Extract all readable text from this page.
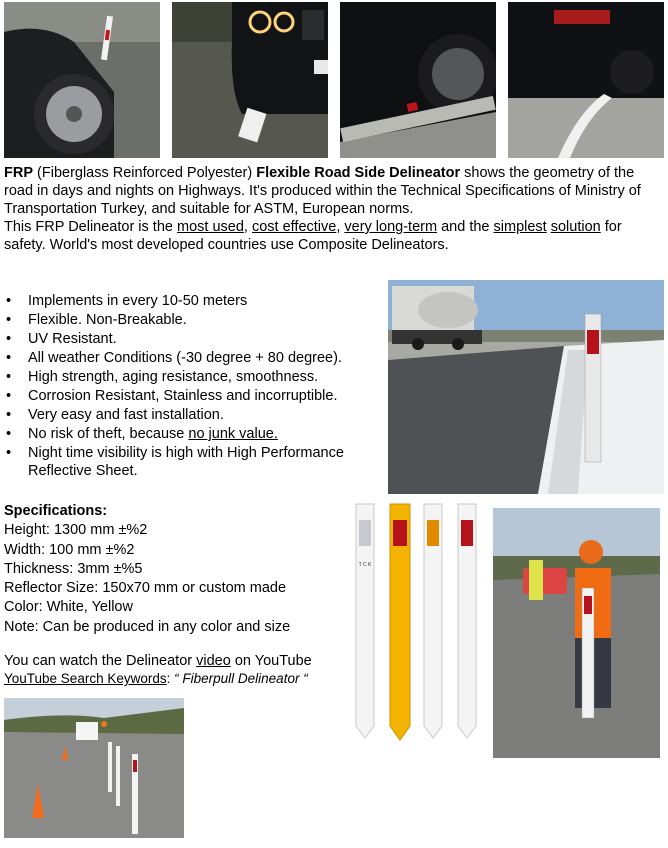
FRP (Fiberglass Reinforced Polyester) Flexible Road Side Delineator shows the geometry of the road in days and nights on Highways. It's produced within the Technical Specifications of Ministry of Transportation Turkey, and suitable for ASTM, European norms.
This FRP Delineator is the most used, cost effective, very long-term and the simplest solution for safety. World's most developed countries use Composite Delineators.
• Implements in every 10-50 meters
• Flexible. Non-Breakable.
• UV Resistant.
• All weather Conditions (-30 degree + 80 degree).
• High strength, aging resistance, smoothness.
• Corrosion Resistant, Stainless and incorruptible.
• Very easy and fast installation.
• No risk of theft, because no junk value.
• Night time visibility is high with High Performance Reflective Sheet.
Specifications:
Height: 1300 mm ±%2
Width: 100 mm ±%2
Thickness: 3mm ±%5
Reflector Size: 150x70 mm or custom made
Color: White, Yellow
Note: Can be produced in any color and size
T C K
You can watch the Delineator video on YouTube
YouTube Search Keywords: “ Fiberpull Delineator “
